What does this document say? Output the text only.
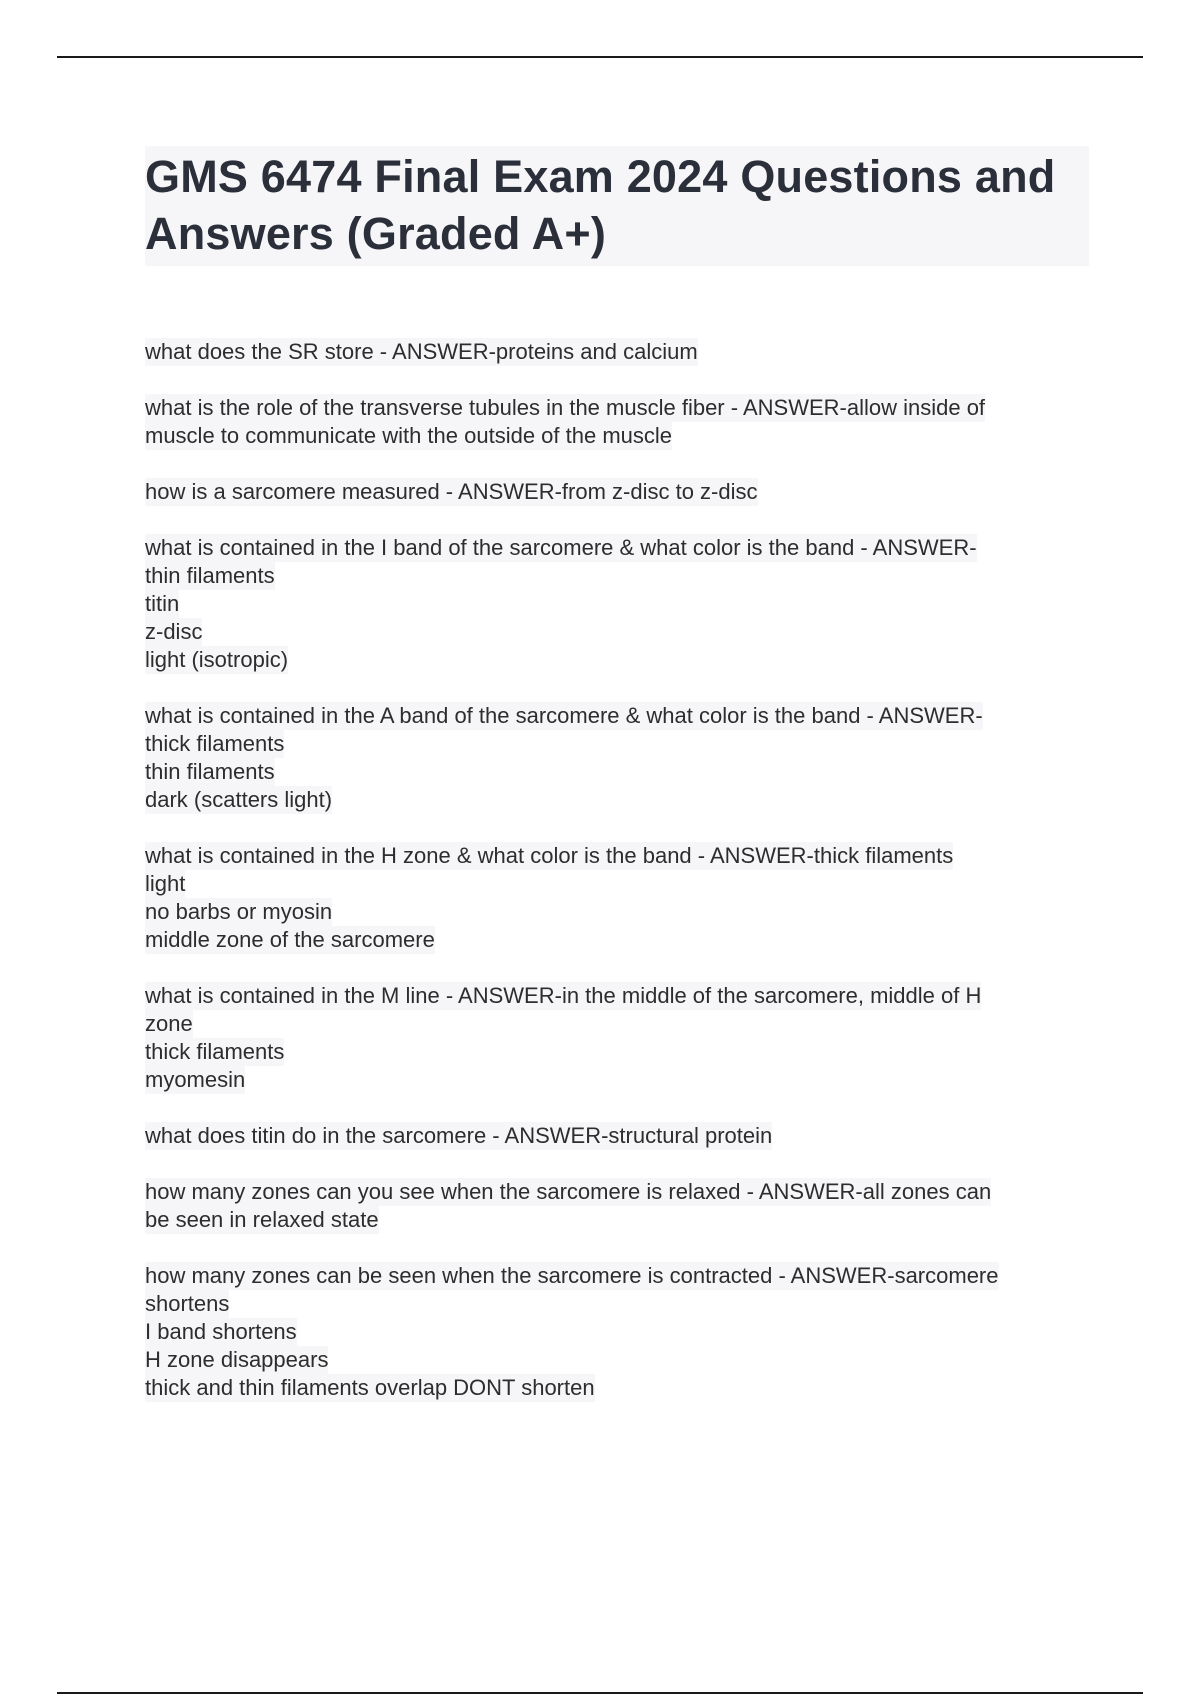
GMS 6474 Final Exam 2024 Questions and Answers (Graded A+)
what does the SR store - ANSWER-proteins and calcium
what is the role of the transverse tubules in the muscle fiber - ANSWER-allow inside of
muscle to communicate with the outside of the muscle
how is a sarcomere measured - ANSWER-from z-disc to z-disc
what is contained in the I band of the sarcomere & what color is the band - ANSWER-
thin filaments
titin
z-disc
light (isotropic)
what is contained in the A band of the sarcomere & what color is the band - ANSWER-
thick filaments
thin filaments
dark (scatters light)
what is contained in the H zone & what color is the band - ANSWER-thick filaments
light
no barbs or myosin
middle zone of the sarcomere
what is contained in the M line - ANSWER-in the middle of the sarcomere, middle of H
zone
thick filaments
myomesin
what does titin do in the sarcomere - ANSWER-structural protein
how many zones can you see when the sarcomere is relaxed - ANSWER-all zones can
be seen in relaxed state
how many zones can be seen when the sarcomere is contracted - ANSWER-sarcomere
shortens
I band shortens
H zone disappears
thick and thin filaments overlap DONT shorten
